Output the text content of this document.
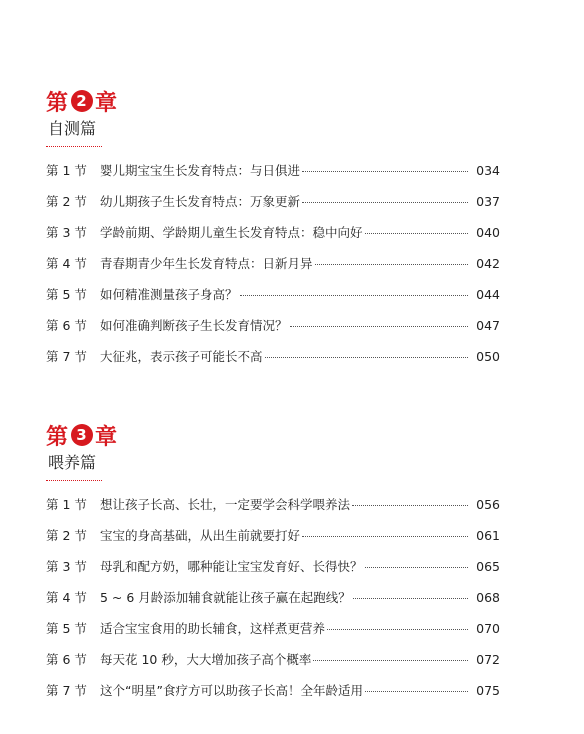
第 2 章
自测篇
第 1 节	婴儿期宝宝生长发育特点：与日俱进	034
第 2 节	幼儿期孩子生长发育特点：万象更新	037
第 3 节	学龄前期、学龄期儿童生长发育特点：稳中向好	040
第 4 节	青春期青少年生长发育特点：日新月异	042
第 5 节	如何精准测量孩子身高？	044
第 6 节	如何准确判断孩子生长发育情况？	047
第 7 节	大征兆，表示孩子可能长不高	050
第 3 章
喂养篇
第 1 节	想让孩子长高、长壮，一定要学会科学喂养法	056
第 2 节	宝宝的身高基础，从出生前就要打好	061
第 3 节	母乳和配方奶，哪种能让宝宝发育好、长得快？	065
第 4 节	5 ~ 6 月龄添加辅食就能让孩子赢在起跑线？	068
第 5 节	适合宝宝食用的助长辅食，这样煮更营养	070
第 6 节	每天花 10 秒，大大增加孩子高个概率	072
第 7 节	这个“明星”食疗方可以助孩子长高！全年龄适用	075
